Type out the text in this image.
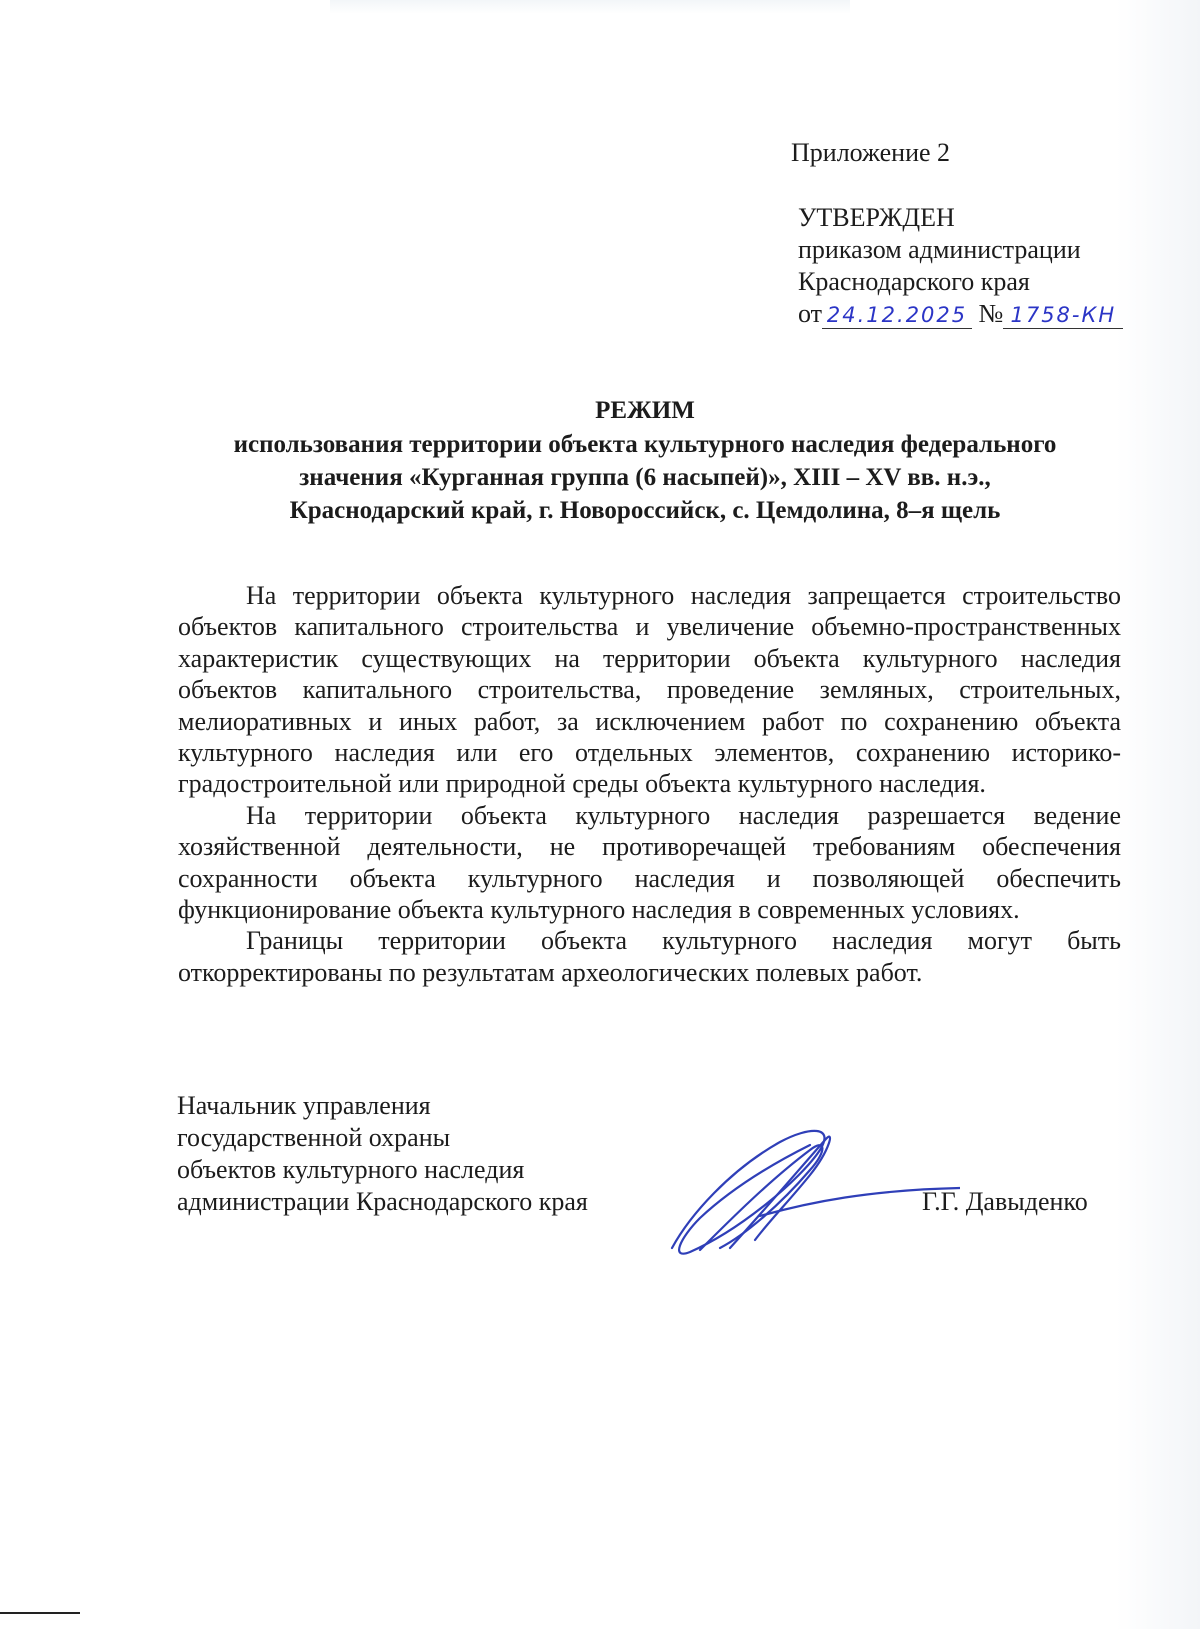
Приложение 2
УТВЕРЖДЕН
приказом администрации
Краснодарского края
от 24.12.2025 № 1758-КН
РЕЖИМ
использования территории объекта культурного наследия федерального
значения «Курганная группа (6 насыпей)», XIII – XV вв. н.э.,
Краснодарский край, г. Новороссийск, с. Цемдолина, 8–я щель

На территории объекта культурного наследия запрещается строительство объектов капитального строительства и увеличение объемно-пространственных характеристик существующих на территории объекта культурного наследия объектов капитального строительства, проведение земляных, строительных, мелиоративных и иных работ, за исключением работ по сохранению объекта культурного наследия или его отдельных элементов, сохранению историко-градостроительной или природной среды объекта культурного наследия.

На территории объекта культурного наследия разрешается ведение хозяйственной деятельности, не противоречащей требованиям обеспечения сохранности объекта культурного наследия и позволяющей обеспечить функционирование объекта культурного наследия в современных условиях.

Границы территории объекта культурного наследия могут быть откорректированы по результатам археологических полевых работ.

Начальник управления
государственной охраны
объектов культурного наследия
администрации Краснодарского края	Г.Г. Давыденко
